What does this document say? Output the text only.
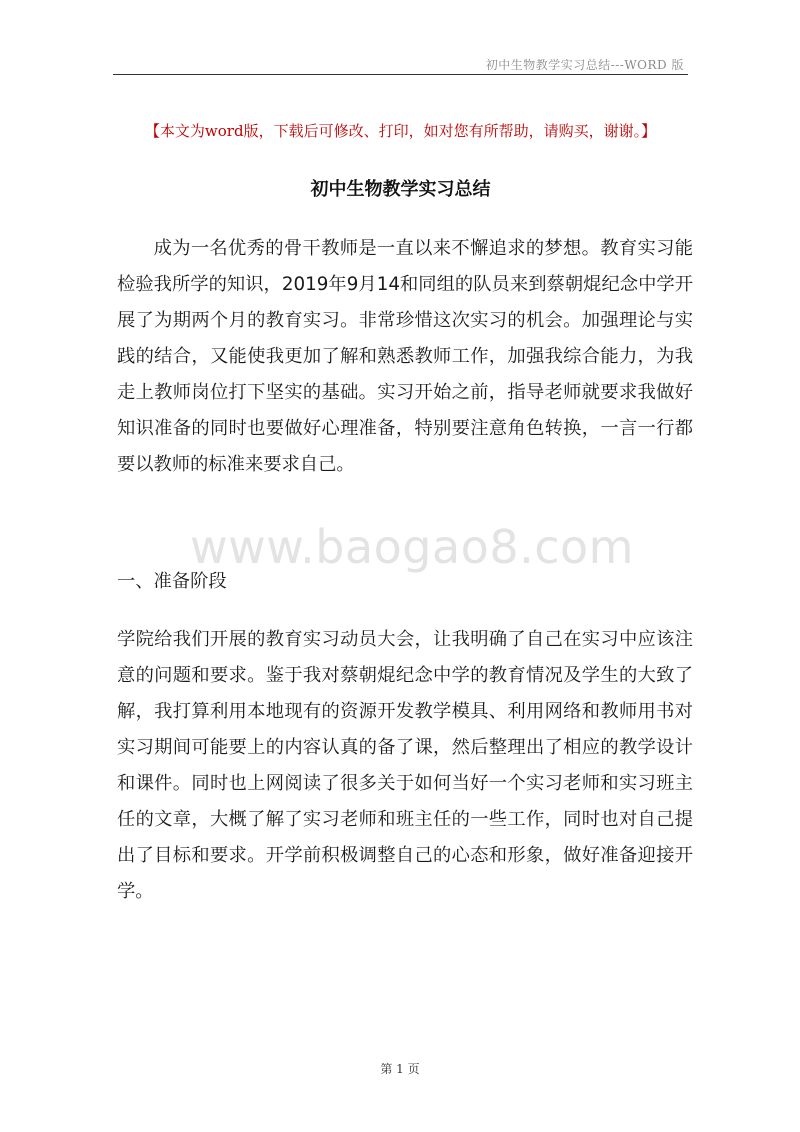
初中生物教学实习总结---WORD 版
【本文为word版，下载后可修改、打印，如对您有所帮助，请购买，谢谢。】
初中生物教学实习总结

成为一名优秀的骨干教师是一直以来不懈追求的梦想。教育实习能检验我所学的知识，2019年9月14和同组的队员来到蔡朝焜纪念中学开展了为期两个月的教育实习。非常珍惜这次实习的机会。加强理论与实践的结合，又能使我更加了解和熟悉教师工作，加强我综合能力，为我走上教师岗位打下坚实的基础。实习开始之前，指导老师就要求我做好知识准备的同时也要做好心理准备，特别要注意角色转换，一言一行都要以教师的标准来要求自己。

www.baogao8.com

一、准备阶段

学院给我们开展的教育实习动员大会，让我明确了自己在实习中应该注意的问题和要求。鉴于我对蔡朝焜纪念中学的教育情况及学生的大致了解，我打算利用本地现有的资源开发教学模具、利用网络和教师用书对实习期间可能要上的内容认真的备了课，然后整理出了相应的教学设计和课件。同时也上网阅读了很多关于如何当好一个实习老师和实习班主任的文章，大概了解了实习老师和班主任的一些工作，同时也对自己提出了目标和要求。开学前积极调整自己的心态和形象，做好准备迎接开学。

第 1 页
